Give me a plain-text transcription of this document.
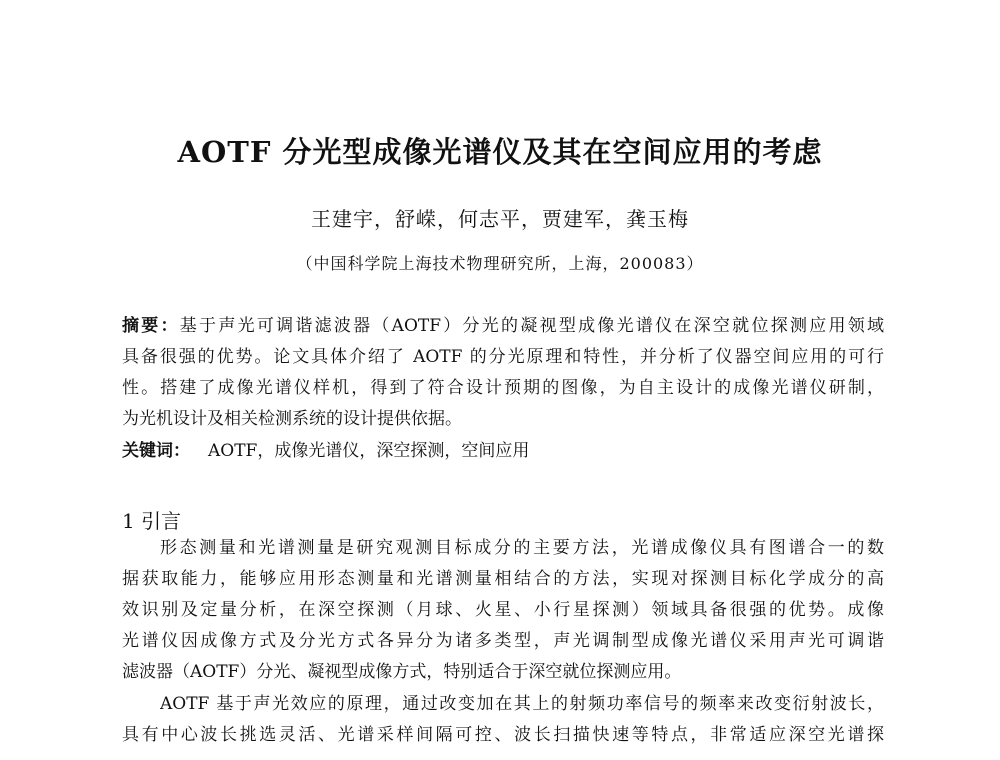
AOTF 分光型成像光谱仪及其在空间应用的考虑
王建宇，舒嵘，何志平，贾建军，龚玉梅
（中国科学院上海技术物理研究所，上海，200083）
摘要：基于声光可调谐滤波器（AOTF）分光的凝视型成像光谱仪在深空就位探测应用领域
具备很强的优势。论文具体介绍了 AOTF 的分光原理和特性，并分析了仪器空间应用的可行
性。搭建了成像光谱仪样机，得到了符合设计预期的图像，为自主设计的成像光谱仪研制，
为光机设计及相关检测系统的设计提供依据。
关键词： AOTF，成像光谱仪，深空探测，空间应用
1 引言
形态测量和光谱测量是研究观测目标成分的主要方法，光谱成像仪具有图谱合一的数
据获取能力，能够应用形态测量和光谱测量相结合的方法，实现对探测目标化学成分的高
效识别及定量分析，在深空探测（月球、火星、小行星探测）领域具备很强的优势。成像
光谱仪因成像方式及分光方式各异分为诸多类型，声光调制型成像光谱仪采用声光可调谐
滤波器（AOTF）分光、凝视型成像方式，特别适合于深空就位探测应用。
AOTF 基于声光效应的原理，通过改变加在其上的射频功率信号的频率来改变衍射波长，
具有中心波长挑选灵活、光谱采样间隔可控、波长扫描快速等特点，非常适应深空光谱探
